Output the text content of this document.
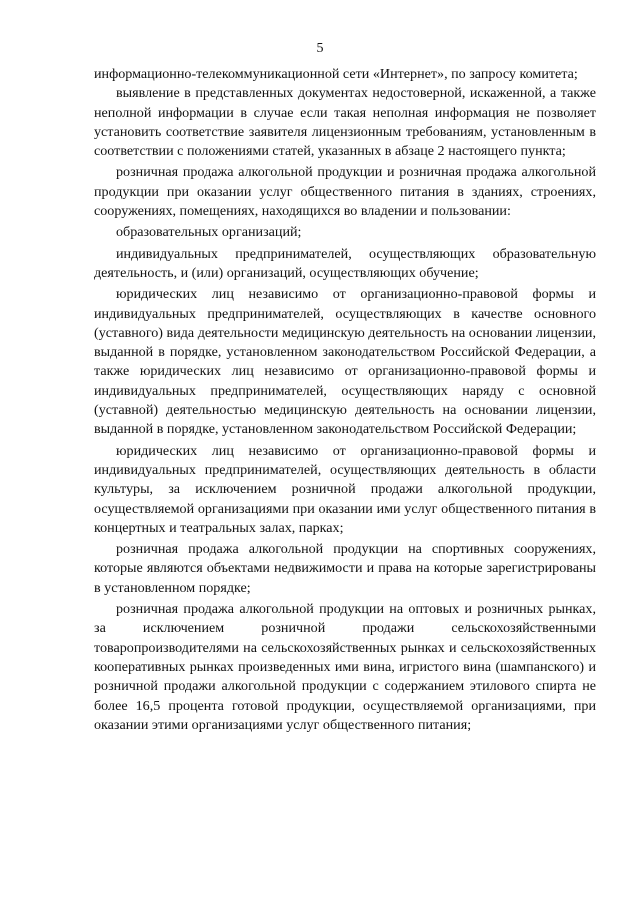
5

информационно-телекоммуникационной сети «Интернет», по запросу комитета;

выявление в представленных документах недостоверной, искаженной, а также неполной информации в случае если такая неполная информация не позволяет установить соответствие заявителя лицензионным требованиям, установленным в соответствии с положениями статей, указанных в абзаце 2 настоящего пункта;

розничная продажа алкогольной продукции и розничная продажа алкогольной продукции при оказании услуг общественного питания в зданиях, строениях, сооружениях, помещениях, находящихся во владении и пользовании:

образовательных организаций;

индивидуальных предпринимателей, осуществляющих образовательную деятельность, и (или) организаций, осуществляющих обучение;

юридических лиц независимо от организационно-правовой формы и индивидуальных предпринимателей, осуществляющих в качестве основного (уставного) вида деятельности медицинскую деятельность на основании лицензии, выданной в порядке, установленном законодательством Российской Федерации, а также юридических лиц независимо от организационно-правовой формы и индивидуальных предпринимателей, осуществляющих наряду с основной (уставной) деятельностью медицинскую деятельность на основании лицензии, выданной в порядке, установленном законодательством Российской Федерации;

юридических лиц независимо от организационно-правовой формы и индивидуальных предпринимателей, осуществляющих деятельность в области культуры, за исключением розничной продажи алкогольной продукции, осуществляемой организациями при оказании ими услуг общественного питания в концертных и театральных залах, парках;

розничная продажа алкогольной продукции на спортивных сооружениях, которые являются объектами недвижимости и права на которые зарегистрированы в установленном порядке;

розничная продажа алкогольной продукции на оптовых и розничных рынках, за исключением розничной продажи сельскохозяйственными товаропроизводителями на сельскохозяйственных рынках и сельскохозяйственных кооперативных рынках произведенных ими вина, игристого вина (шампанского) и розничной продажи алкогольной продукции с содержанием этилового спирта не более 16,5 процента готовой продукции, осуществляемой организациями, при оказании этими организациями услуг общественного питания;
